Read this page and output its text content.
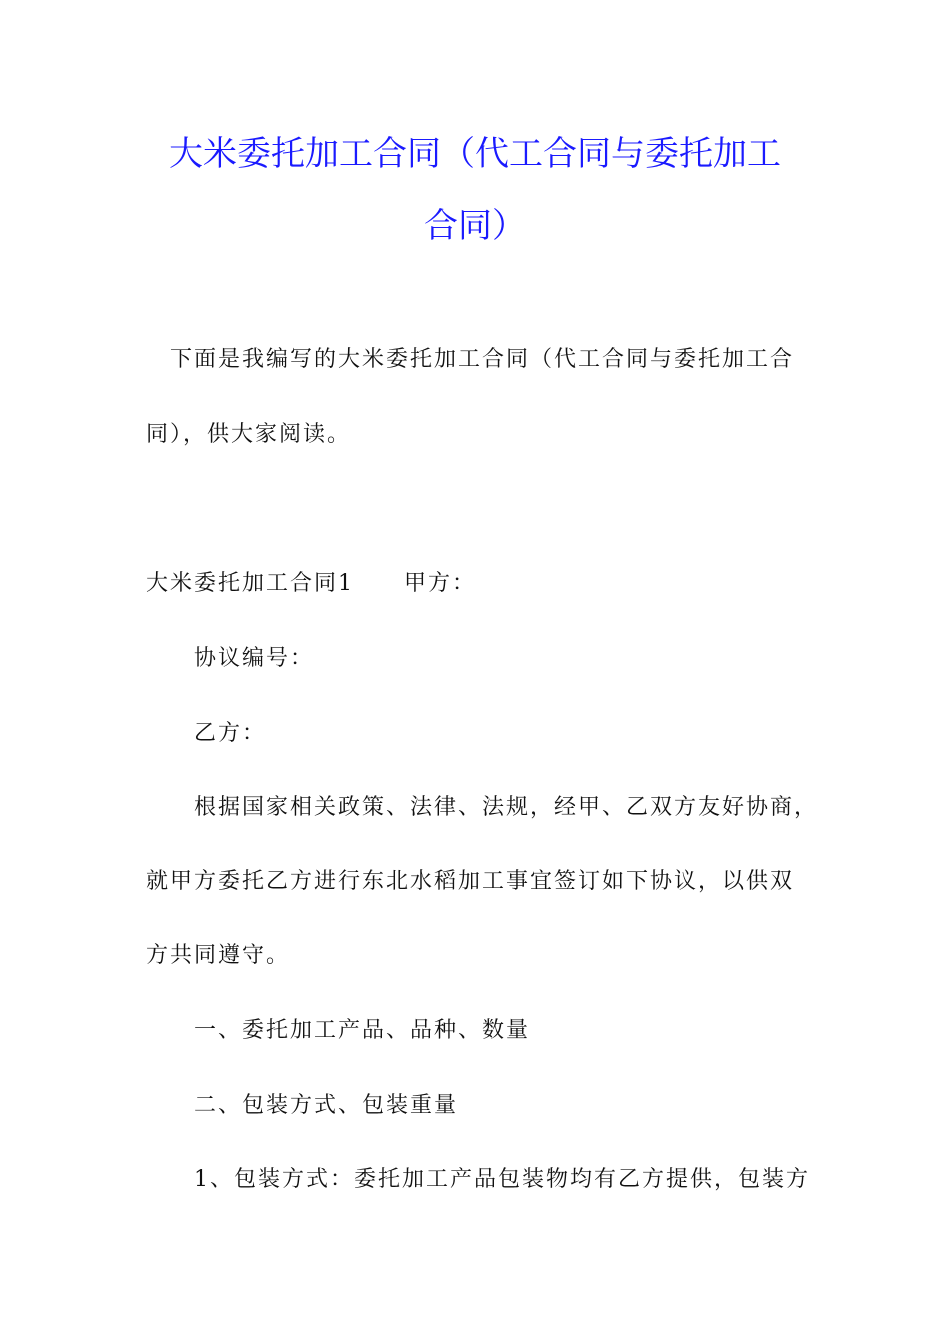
大米委托加工合同（代工合同与委托加工
合同）
下面是我编写的大米委托加工合同（代工合同与委托加工合
同），供大家阅读。
大米委托加工合同1 甲方：
协议编号：
乙方：
根据国家相关政策、法律、法规，经甲、乙双方友好协商，
就甲方委托乙方进行东北水稻加工事宜签订如下协议，以供双
方共同遵守。
一、委托加工产品、品种、数量
二、包装方式、包装重量
1、包装方式：委托加工产品包装物均有乙方提供，包装方
